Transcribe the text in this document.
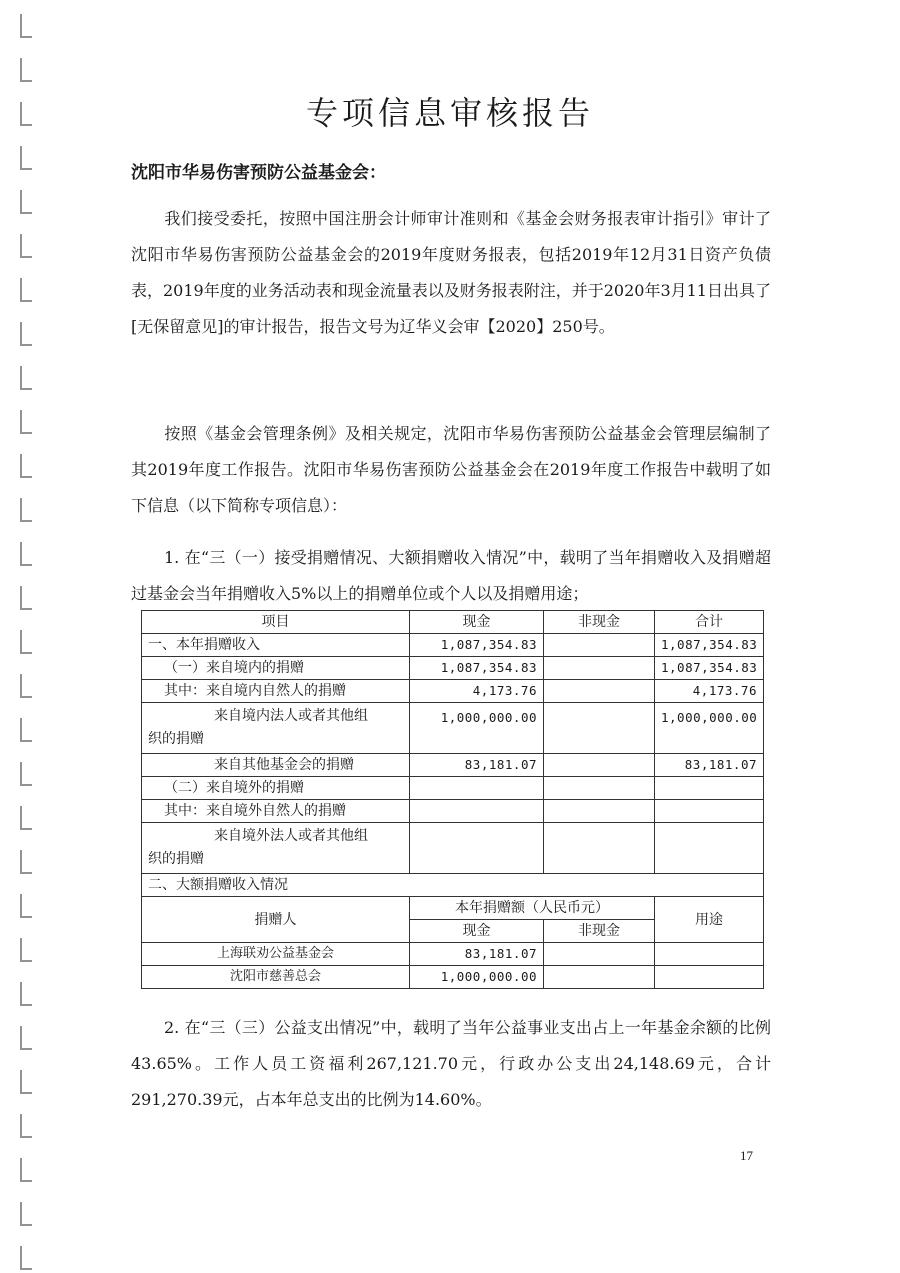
专项信息审核报告
沈阳市华易伤害预防公益基金会：

我们接受委托，按照中国注册会计师审计准则和《基金会财务报表审计指引》审计了沈阳市华易伤害预防公益基金会的2019年度财务报表，包括2019年12月31日资产负债表，2019年度的业务活动表和现金流量表以及财务报表附注，并于2020年3月11日出具了[无保留意见]的审计报告，报告文号为辽华义会审【2020】250号。

按照《基金会管理条例》及相关规定，沈阳市华易伤害预防公益基金会管理层编制了其2019年度工作报告。沈阳市华易伤害预防公益基金会在2019年度工作报告中载明了如下信息（以下简称专项信息）：

1. 在“三（一）接受捐赠情况、大额捐赠收入情况”中，载明了当年捐赠收入及捐赠超过基金会当年捐赠收入5%以上的捐赠单位或个人以及捐赠用途；

项目	现金	非现金	合计
一、本年捐赠收入	1,087,354.83		1,087,354.83
（一）来自境内的捐赠	1,087,354.83		1,087,354.83
其中：来自境内自然人的捐赠	4,173.76		4,173.76

来自境内法人或者其他组
织的捐赠	1,000,000.00		1,000,000.00
来自其他基金会的捐赠	83,181.07		83,181.07
（二）来自境外的捐赠			
其中：来自境外自然人的捐赠			

来自境外法人或者其他组
织的捐赠			

二、大额捐赠收入情况			
捐赠人	本年捐赠额（人民币元）		用途
	现金	非现金	
上海联劝公益基金会	83,181.07		
沈阳市慈善总会	1,000,000.00		

2. 在“三（三）公益支出情况”中，载明了当年公益事业支出占上一年基金余额的比例43.65%。工作人员工资福利267,121.70元，行政办公支出24,148.69元，合计291,270.39元，占本年总支出的比例为14.60%。

17
